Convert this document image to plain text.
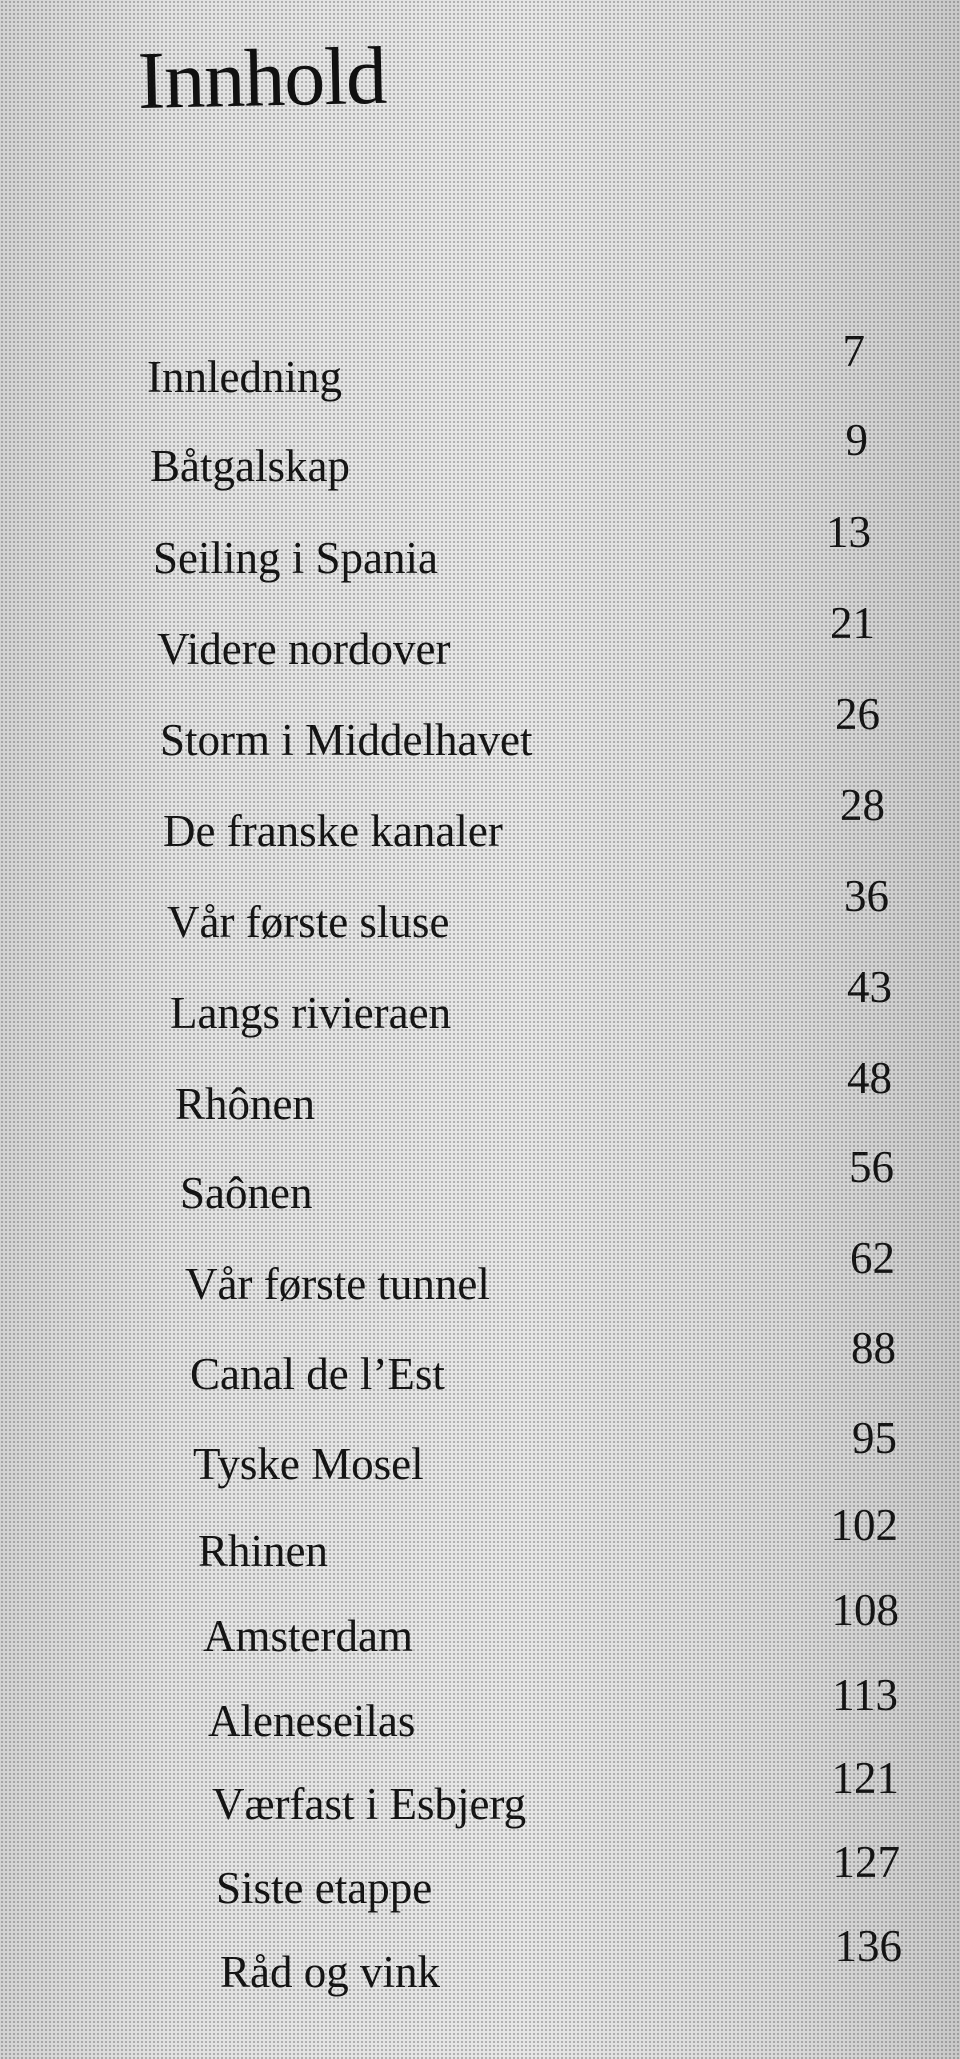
Innhold
Innledning
7
Båtgalskap
9
Seiling i Spania
13
Videre nordover
21
Storm i Middelhavet
26
De franske kanaler
28
Vår første sluse
36
Langs rivieraen
43
Rhônen
48
Saônen
56
Vår første tunnel
62
Canal de l’Est
88
Tyske Mosel
95
Rhinen
102
Amsterdam
108
Aleneseilas
113
Værfast i Esbjerg
121
Siste etappe
127
Råd og vink
136
